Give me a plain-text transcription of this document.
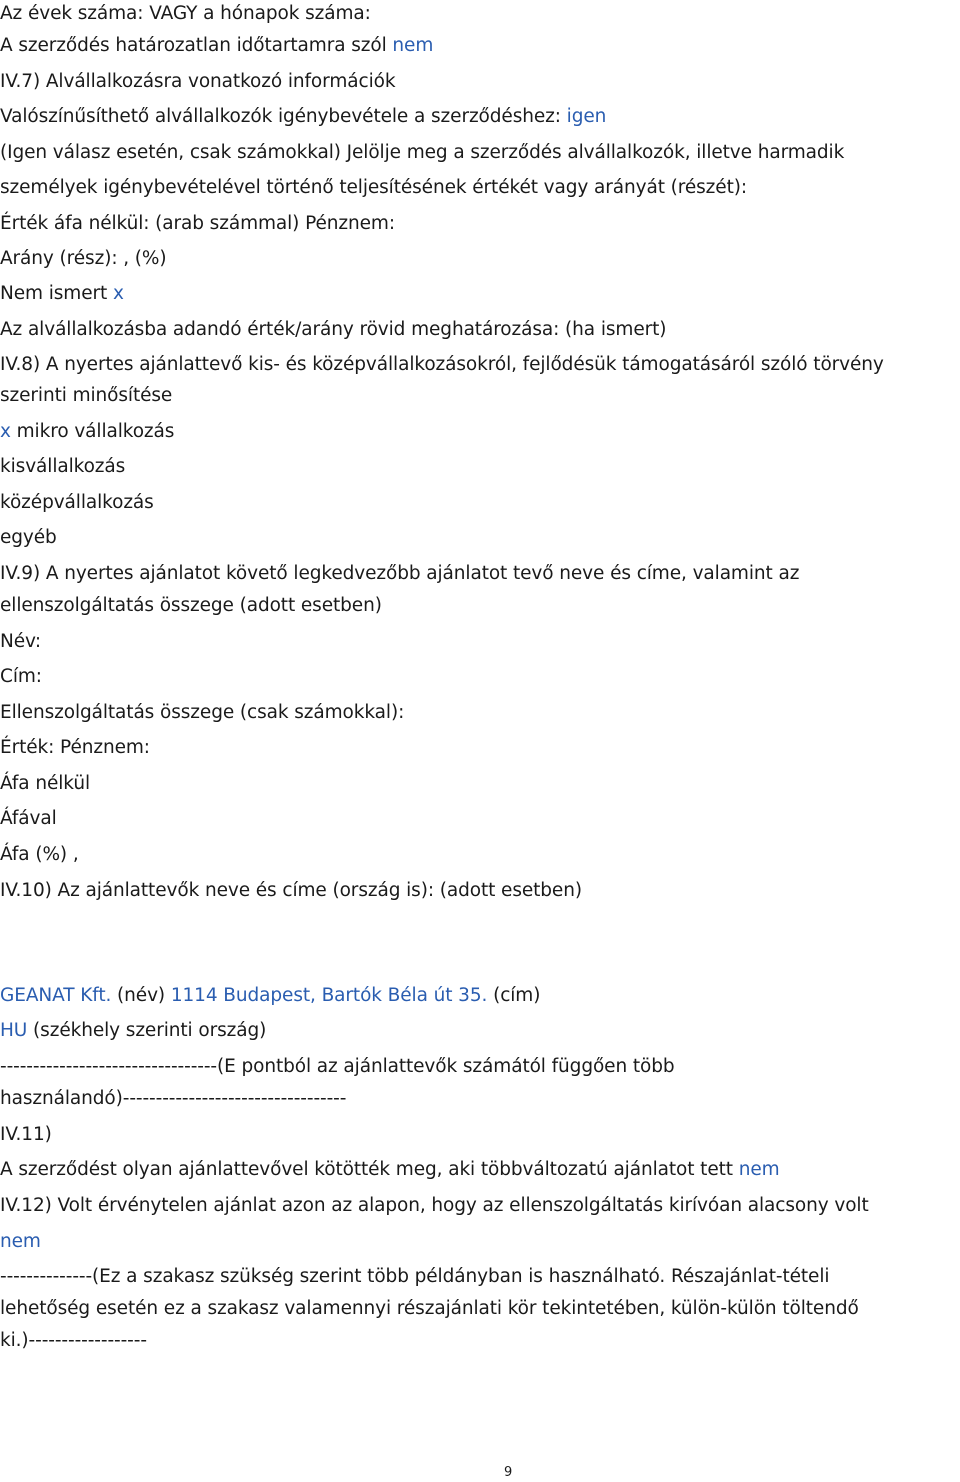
Az évek száma: VAGY a hónapok száma:
A szerződés határozatlan időtartamra szól nem
IV.7) Alvállalkozásra vonatkozó információk
Valószínűsíthető alvállalkozók igénybevétele a szerződéshez: igen
(Igen válasz esetén, csak számokkal) Jelölje meg a szerződés alvállalkozók, illetve harmadik
személyek igénybevételével történő teljesítésének értékét vagy arányát (részét):
Érték áfa nélkül: (arab számmal) Pénznem:
Arány (rész): , (%)
Nem ismert x
Az alvállalkozásba adandó érték/arány rövid meghatározása: (ha ismert)
IV.8) A nyertes ajánlattevő kis- és középvállalkozásokról, fejlődésük támogatásáról szóló törvény
szerinti minősítése
x mikro vállalkozás
kisvállalkozás
középvállalkozás
egyéb
IV.9) A nyertes ajánlatot követő legkedvezőbb ajánlatot tevő neve és címe, valamint az
ellenszolgáltatás összege (adott esetben)
Név:
Cím:
Ellenszolgáltatás összege (csak számokkal):
Érték: Pénznem:
Áfa nélkül
Áfával
Áfa (%) ,
IV.10) Az ajánlattevők neve és címe (ország is): (adott esetben)
GEANAT Kft. (név) 1114 Budapest, Bartók Béla út 35. (cím)
HU (székhely szerinti ország)
---------------------------------(E pontból az ajánlattevők számától függően több
használandó)----------------------------------
IV.11)
A szerződést olyan ajánlattevővel kötötték meg, aki többváltozatú ajánlatot tett nem
IV.12) Volt érvénytelen ajánlat azon az alapon, hogy az ellenszolgáltatás kirívóan alacsony volt
nem
--------------(Ez a szakasz szükség szerint több példányban is használható. Részajánlat-tételi
lehetőség esetén ez a szakasz valamennyi részajánlati kör tekintetében, külön-külön töltendő
ki.)------------------
9
